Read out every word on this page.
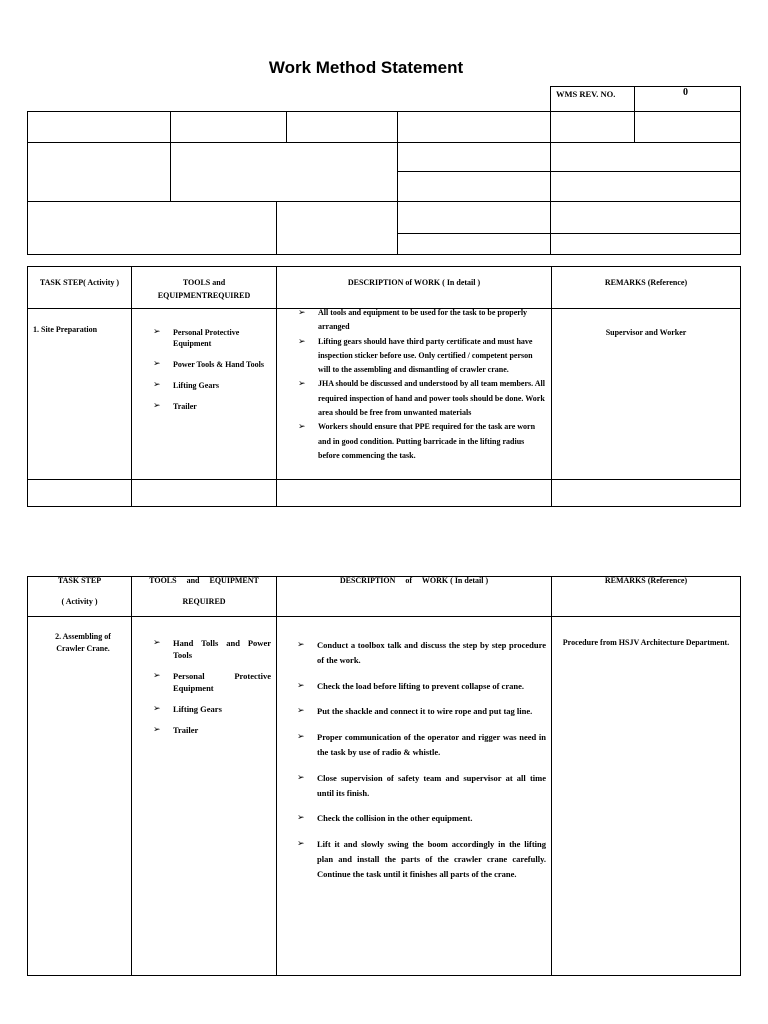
Work Method Statement
WMS REV. NO.	0
TASK STEP( Activity )	TOOLS and EQUIPMENTREQUIRED
DESCRIPTION of WORK ( In detail )	REMARKS (Reference)
1. Site Preparation
➢	Personal Protective Equipment
➢ Power Tools & Hand Tools
➢ Lifting Gears
➢ Trailer
➢ All tools and equipment to be used for the task to be properly arranged
➢ Lifting gears should have third party certificate and must have inspection sticker before use. Only certified / competent person will to the assembling and dismantling of crawler crane.
➢ JHA should be discussed and understood by all team members. All required inspection of hand and power tools should be done. Work area should be free from unwanted materials
➢ Workers should ensure that PPE required for the task are worn and in good condition. Putting barricade in the lifting radius before commencing the task.
Supervisor and Worker
TASK STEP
( Activity )
TOOLS     and     EQUIPMENT
REQUIRED
DESCRIPTION     of     WORK ( In detail )	REMARKS (Reference)
2. Assembling of Crawler Crane.
➢ Hand Tolls and Power Tools
➢ Personal Protective Equipment
➢ Lifting Gears
➢ Trailer
➢ Conduct a toolbox talk and discuss the step by step procedure of the work.
➢ Check the load before lifting to prevent collapse of crane.
➢ Put the shackle and connect it to wire rope and put tag line.
➢ Proper communication of the operator and rigger was need in the task by use of radio & whistle.
➢ Close supervision of safety team and supervisor at all time until its finish.
➢ Check the collision in the other equipment.
➢ Lift it and slowly swing the boom accordingly in the lifting plan and install the parts of the crawler crane carefully. Continue the task until it finishes all parts of the crane.
Procedure from HSJV Architecture Department.
